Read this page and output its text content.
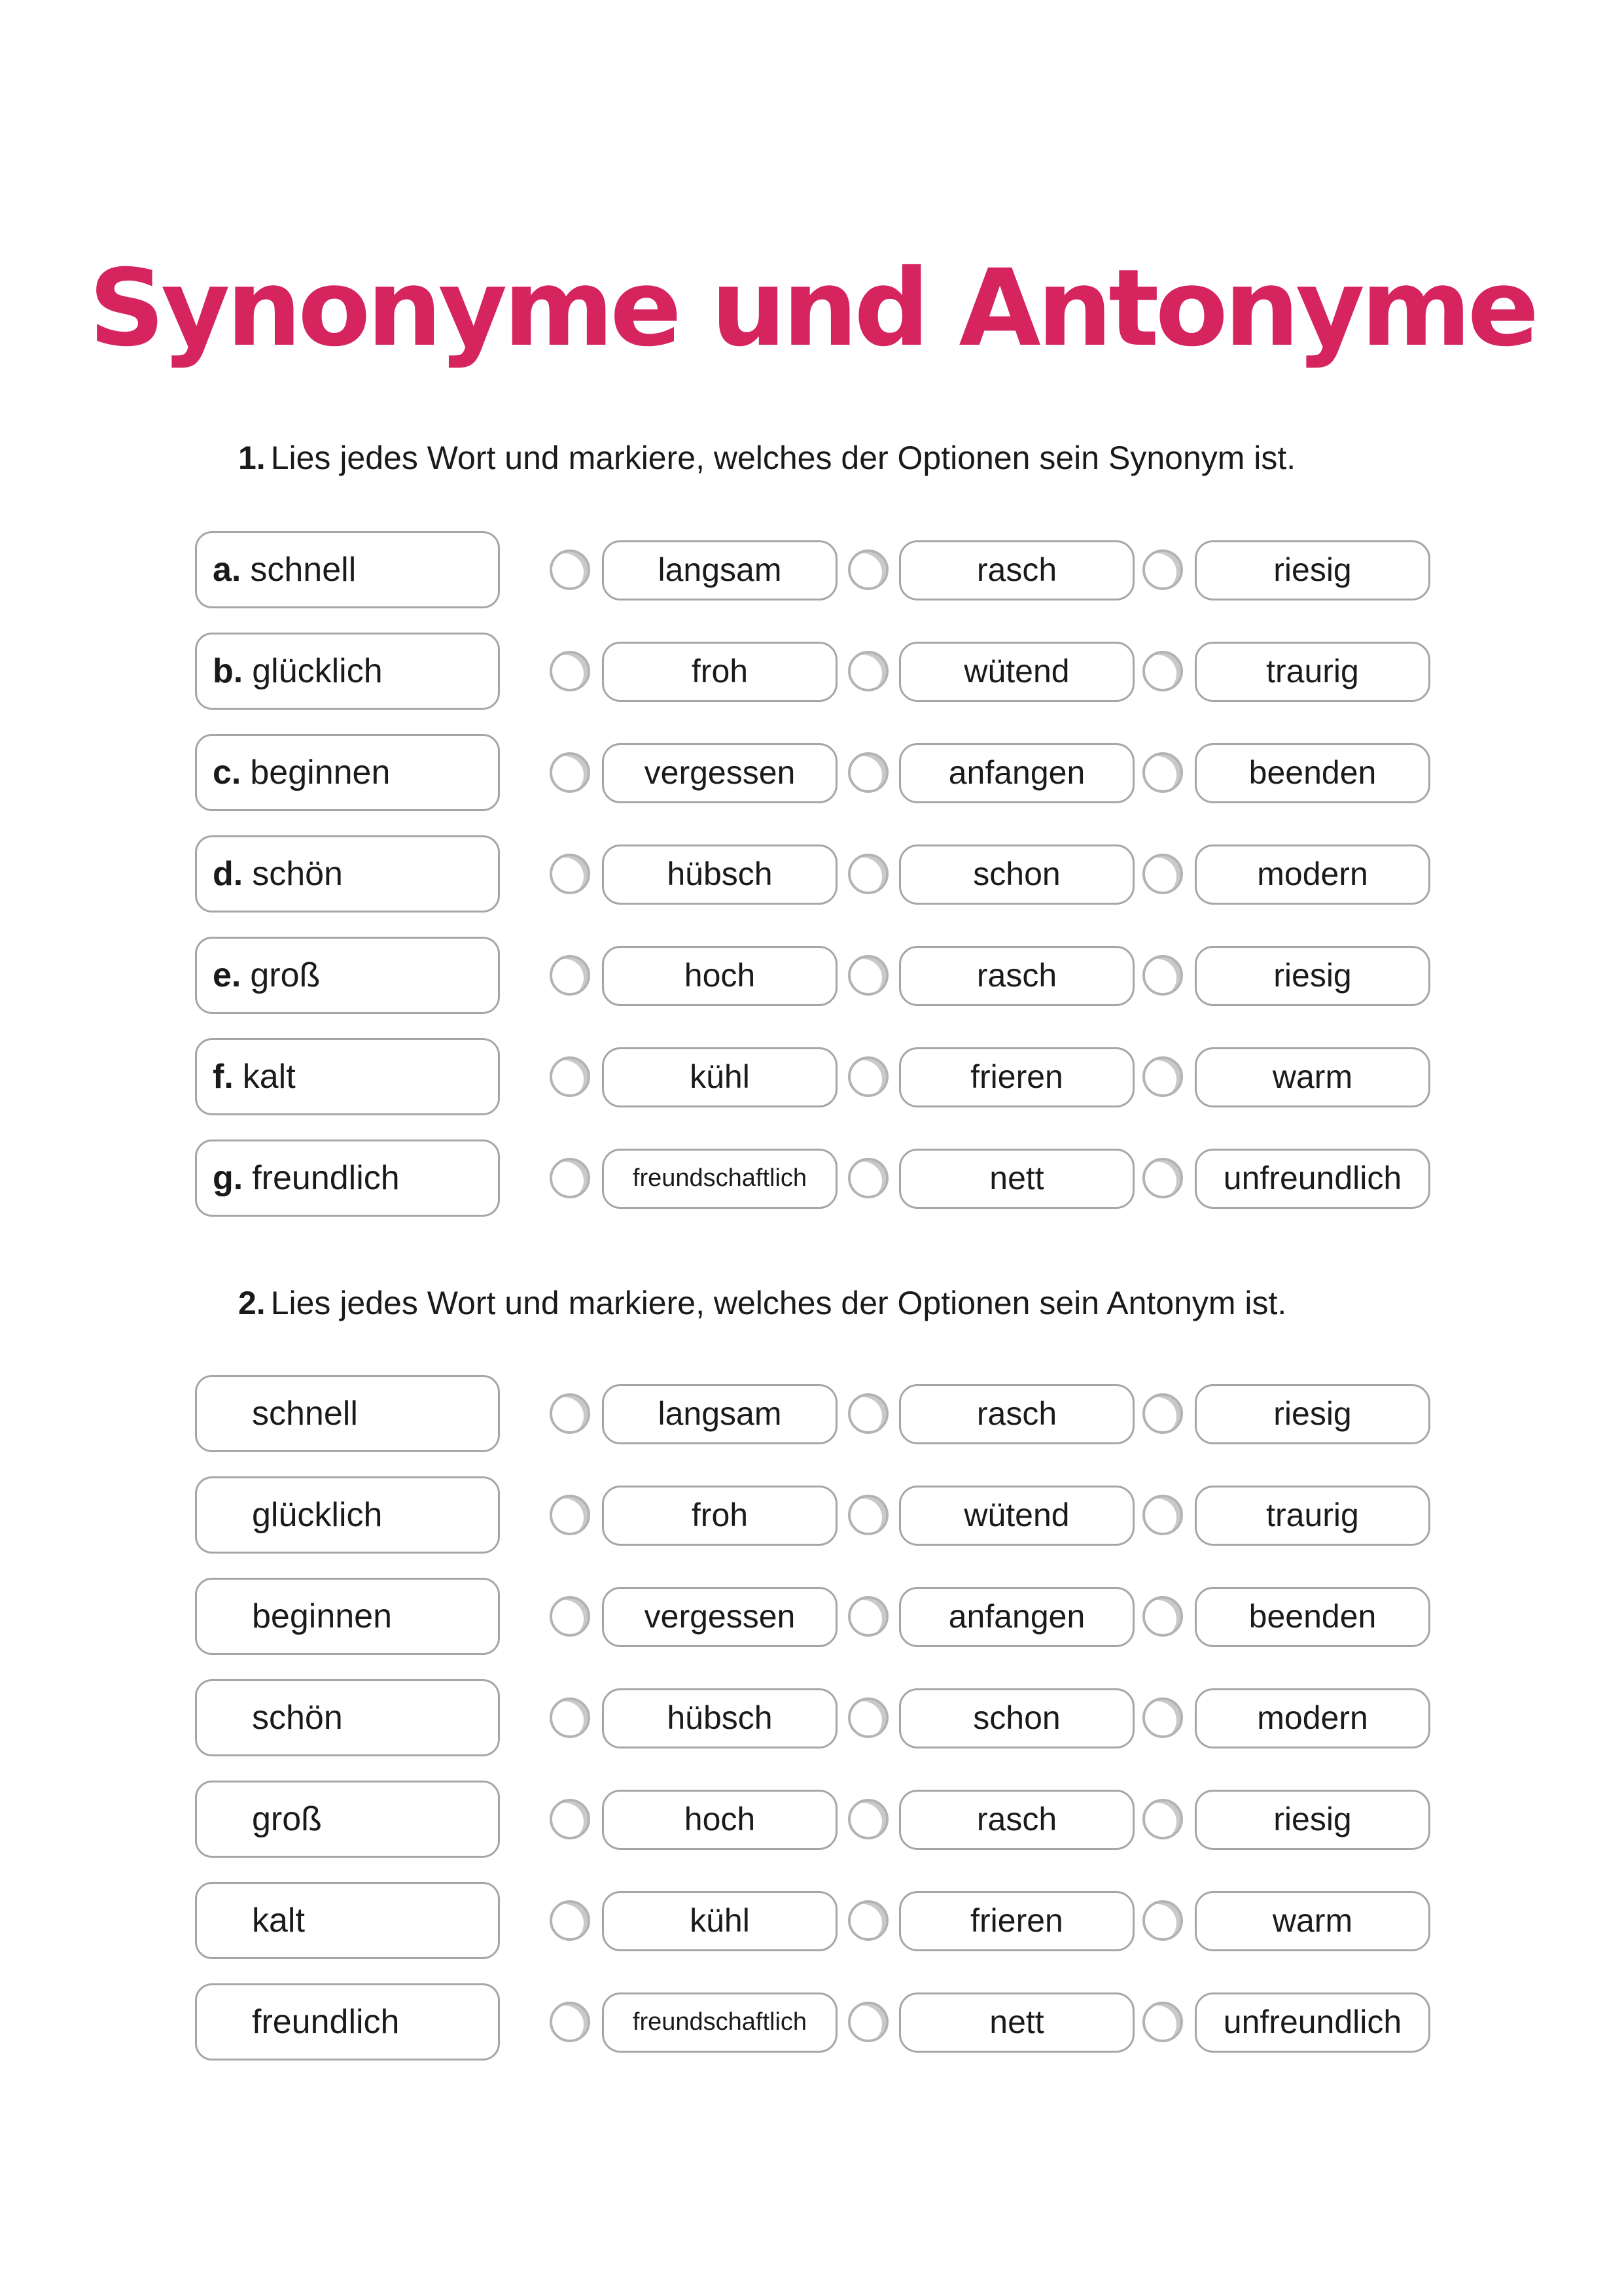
Synonyme und Antonyme
1. Lies jedes Wort und markiere, welches der Optionen sein Synonym ist.
a. schnell	langsam	rasch	riesig
b. glücklich	froh	wütend	traurig
c. beginnen	vergessen	anfangen	beenden
d. schön	hübsch	schon	modern
e. groß	hoch	rasch	riesig
f. kalt	kühl	frieren	warm
g. freundlich	freundschaftlich	nett	unfreundlich
2. Lies jedes Wort und markiere, welches der Optionen sein Antonym ist.
schnell	langsam	rasch	riesig
glücklich	froh	wütend	traurig
beginnen	vergessen	anfangen	beenden
schön	hübsch	schon	modern
groß	hoch	rasch	riesig
kalt	kühl	frieren	warm
freundlich	freundschaftlich	nett	unfreundlich
